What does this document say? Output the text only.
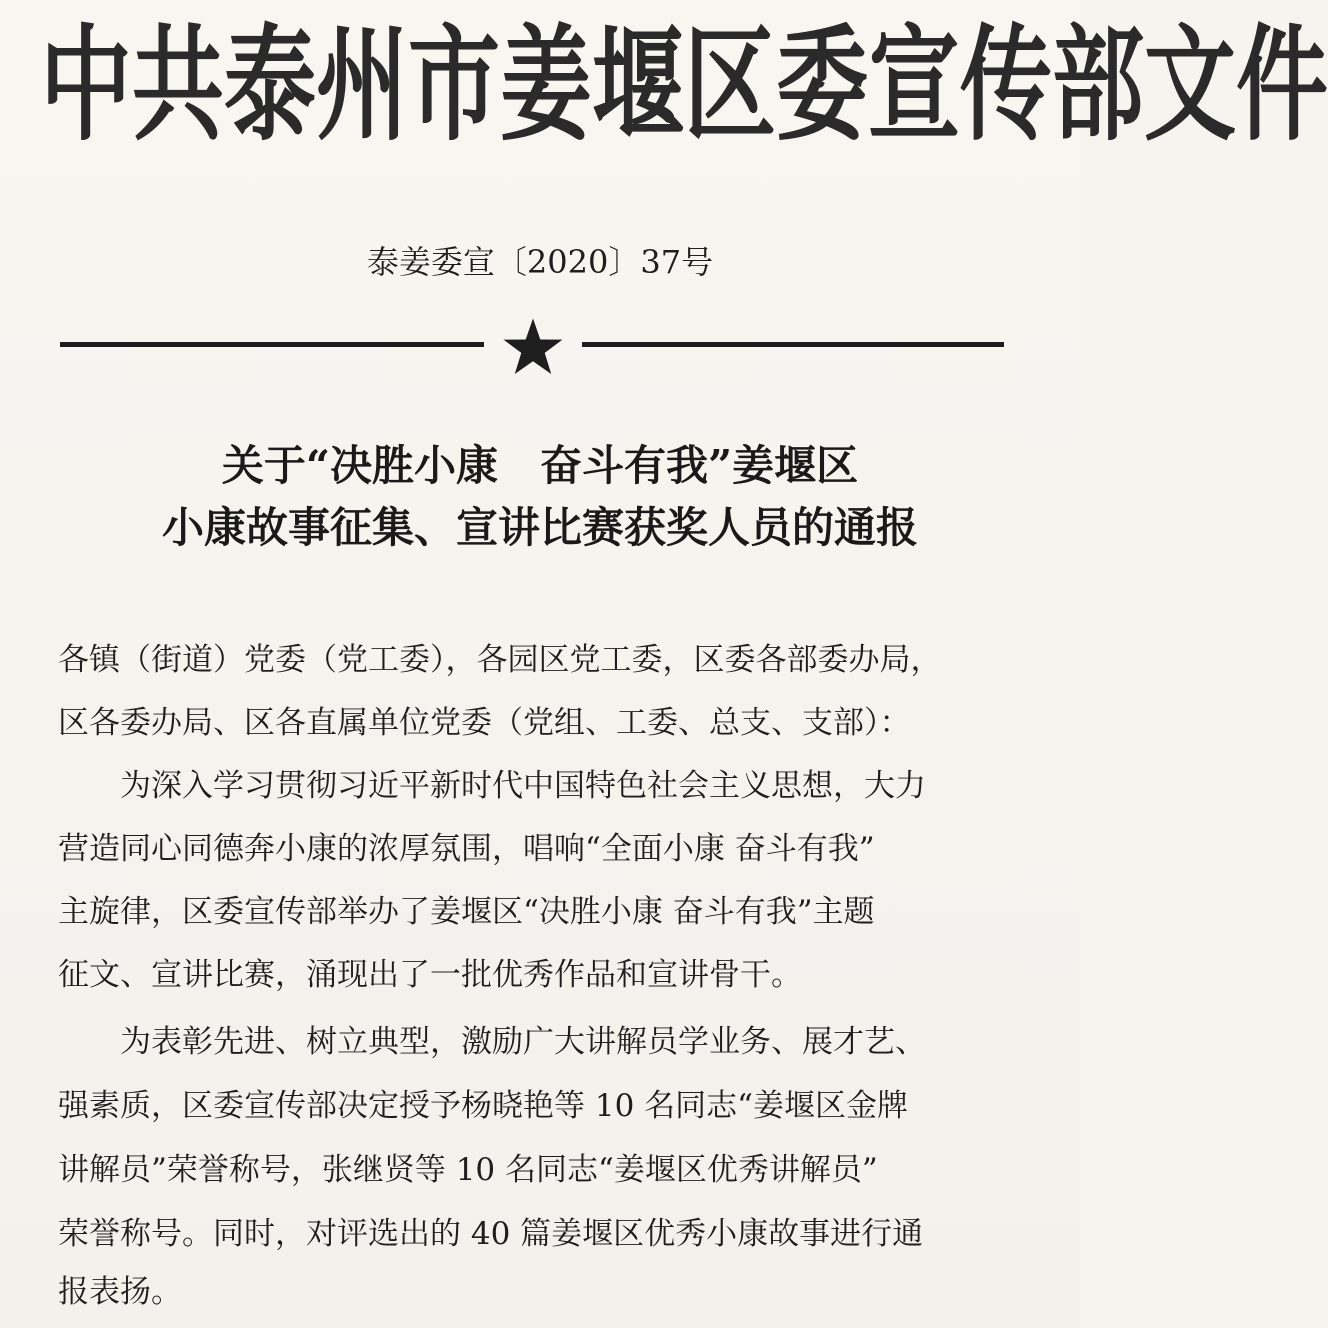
中共泰州市姜堰区委宣传部文件
泰姜委宣〔2020〕37号
关于“决胜小康　奋斗有我”姜堰区
小康故事征集、宣讲比赛获奖人员的通报
各镇（街道）党委（党工委），各园区党工委，区委各部委办局，
区各委办局、区各直属单位党委（党组、工委、总支、支部）：
　　为深入学习贯彻习近平新时代中国特色社会主义思想，大力
营造同心同德奔小康的浓厚氛围，唱响“全面小康 奋斗有我”
主旋律，区委宣传部举办了姜堰区“决胜小康 奋斗有我”主题
征文、宣讲比赛，涌现出了一批优秀作品和宣讲骨干。
　　为表彰先进、树立典型，激励广大讲解员学业务、展才艺、
强素质，区委宣传部决定授予杨晓艳等 10 名同志“姜堰区金牌
讲解员”荣誉称号，张继贤等 10 名同志“姜堰区优秀讲解员”
荣誉称号。同时，对评选出的 40 篇姜堰区优秀小康故事进行通
报表扬。
